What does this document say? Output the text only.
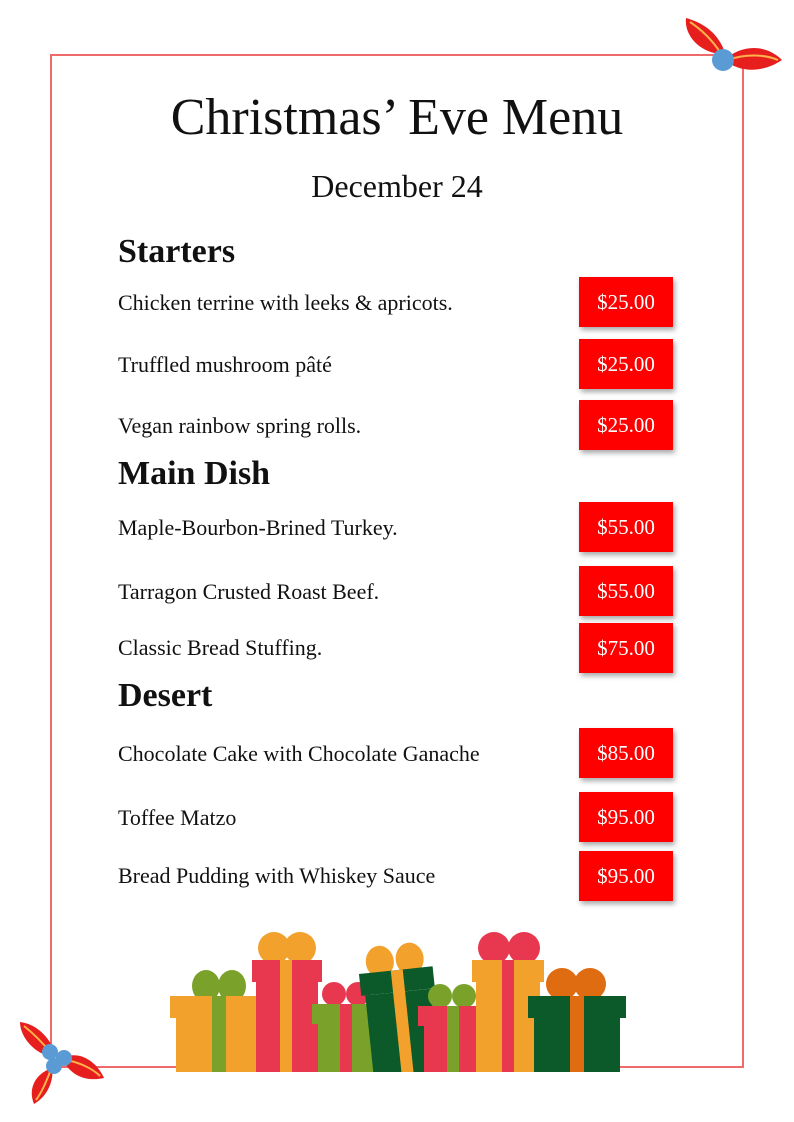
Christmas’ Eve Menu
December 24
Starters
Chicken terrine with leeks & apricots.	$25.00
Truffled mushroom pâté	$25.00
Vegan rainbow spring rolls.	$25.00
Main Dish
Maple-Bourbon-Brined Turkey.	$55.00
Tarragon Crusted Roast Beef.	$55.00
Classic Bread Stuffing.	$75.00
Desert
Chocolate Cake with Chocolate Ganache	$85.00
Toffee Matzo	$95.00
Bread Pudding with Whiskey Sauce	$95.00
